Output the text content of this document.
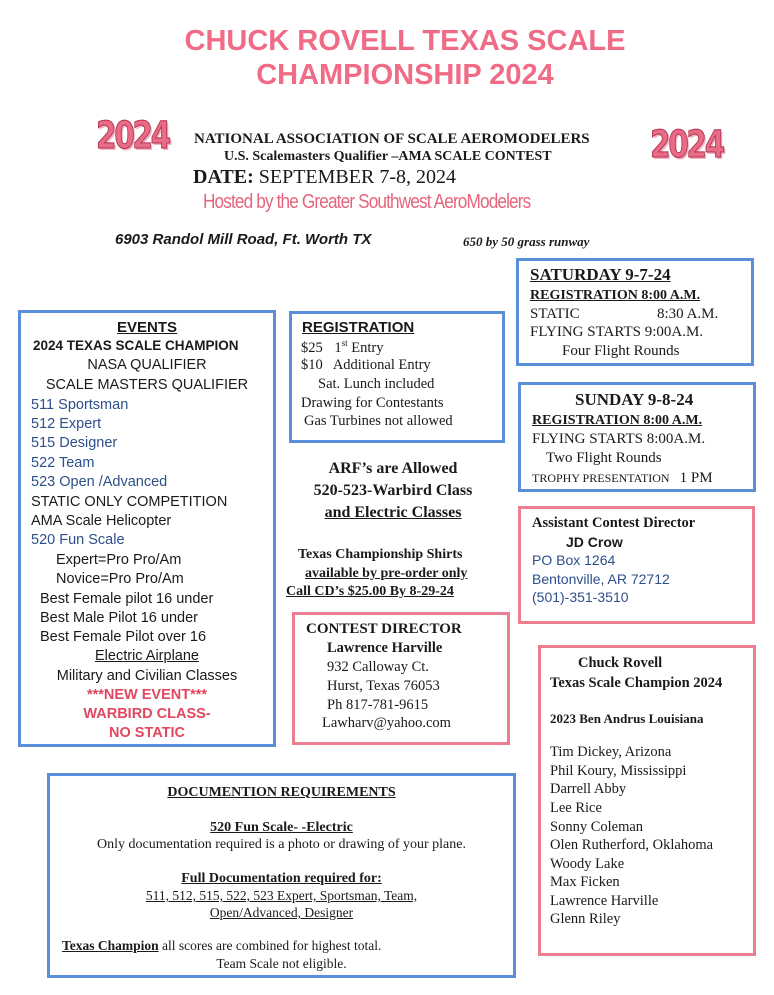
CHUCK ROVELL TEXAS SCALE
CHAMPIONSHIP 2024
2024	2024
NATIONAL ASSOCIATION OF SCALE AEROMODELERS
U.S. Scalemasters Qualifier –AMA SCALE CONTEST
DATE: SEPTEMBER 7-8, 2024
Hosted by the Greater Southwest AeroModelers
6903 Randol Mill Road, Ft. Worth TX	650 by 50 grass runway
SATURDAY 9-7-24
REGISTRATION 8:00 A.M.
STATIC	8:30 A.M.
FLYING STARTS 9:00A.M.
Four Flight Rounds
SUNDAY 9-8-24
REGISTRATION 8:00 A.M.
FLYING STARTS 8:00A.M.
Two Flight Rounds
TROPHY PRESENTATION 1 PM
EVENTS
2024 TEXAS SCALE CHAMPION
NASA QUALIFIER
SCALE MASTERS QUALIFIER
511 Sportsman
512 Expert
515 Designer
522 Team
523 Open /Advanced
STATIC ONLY COMPETITION
AMA Scale Helicopter
520 Fun Scale
Expert=Pro Pro/Am
Novice=Pro Pro/Am
Best Female pilot 16 under
Best Male Pilot 16 under
Best Female Pilot over 16
Electric Airplane
Military and Civilian Classes
***NEW EVENT***
WARBIRD CLASS-
NO STATIC
REGISTRATION
$25 1st Entry
$10   Additional Entry
Sat. Lunch included
Drawing for Contestants
Gas Turbines not allowed
ARF’s are Allowed
520-523-Warbird Class
and Electric Classes
Texas Championship Shirts
available by pre-order only
Call CD’s $25.00 By 8-29-24
CONTEST DIRECTOR
Lawrence Harville
932 Calloway Ct.
Hurst, Texas 76053
Ph 817-781-9615
Lawharv@yahoo.com
Assistant Contest Director
JD Crow
PO Box 1264
Bentonville, AR 72712
(501)-351-3510
Chuck Rovell
Texas Scale Champion 2024
2023 Ben Andrus Louisiana
Tim Dickey, Arizona
Phil Koury, Mississippi
Darrell Abby
Lee Rice
Sonny Coleman
Olen Rutherford, Oklahoma
Woody Lake
Max Ficken
Lawrence Harville
Glenn Riley
DOCUMENTION REQUIREMENTS
520 Fun Scale- -Electric
Only documentation required is a photo or drawing of your plane.
Full Documentation required for:
511, 512, 515, 522, 523 Expert, Sportsman, Team,
Open/Advanced, Designer
Texas Champion all scores are combined for highest total.
Team Scale not eligible.
